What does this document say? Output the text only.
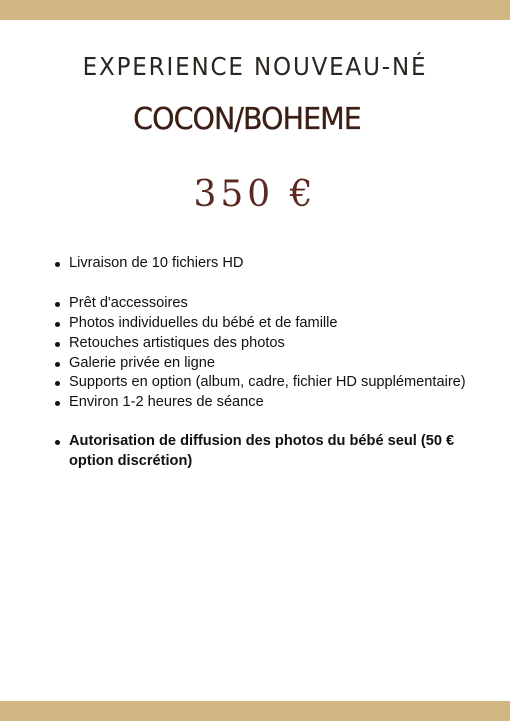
EXPERIENCE NOUVEAU-NÉ
COCON/BOHEME
350 €
Livraison de 10 fichiers HD
Prêt d'accessoires
Photos individuelles du bébé et de famille
Retouches artistiques des photos
Galerie privée en ligne
Supports en option (album, cadre, fichier HD supplémentaire)
Environ 1-2 heures de séance
Autorisation de diffusion des photos du bébé seul (50 € option discrétion)
